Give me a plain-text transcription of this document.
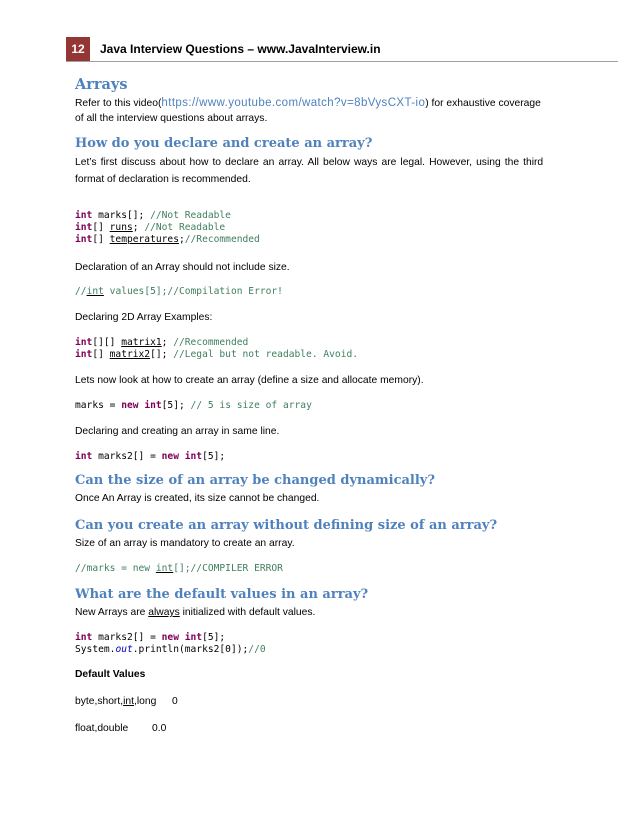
12	Java Interview Questions – www.JavaInterview.in
Arrays
Refer to this video(https://www.youtube.com/watch?v=8bVysCXT-io) for exhaustive coverage
of all the interview questions about arrays.
How do you declare and create an array?
Let’s first discuss about how to declare an array. All below ways are legal. However, using the third
format of declaration is recommended.
int marks[]; //Not Readable
int[] runs; //Not Readable
int[] temperatures;//Recommended
Declaration of an Array should not include size.
//int values[5];//Compilation Error!
Declaring 2D Array Examples:
int[][] matrix1; //Recommended
int[] matrix2[]; //Legal but not readable. Avoid.
Lets now look at how to create an array (define a size and allocate memory).
marks = new int[5]; // 5 is size of array
Declaring and creating an array in same line.
int marks2[] = new int[5];
Can the size of an array be changed dynamically?
Once An Array is created, its size cannot be changed.
Can you create an array without defining size of an array?
Size of an array is mandatory to create an array.
//marks = new int[];//COMPILER ERROR
What are the default values in an array?
New Arrays are always initialized with default values.
int marks2[] = new int[5];
System.out.println(marks2[0]);//0
Default Values
byte,short,int,long 0
float,double 0.0
